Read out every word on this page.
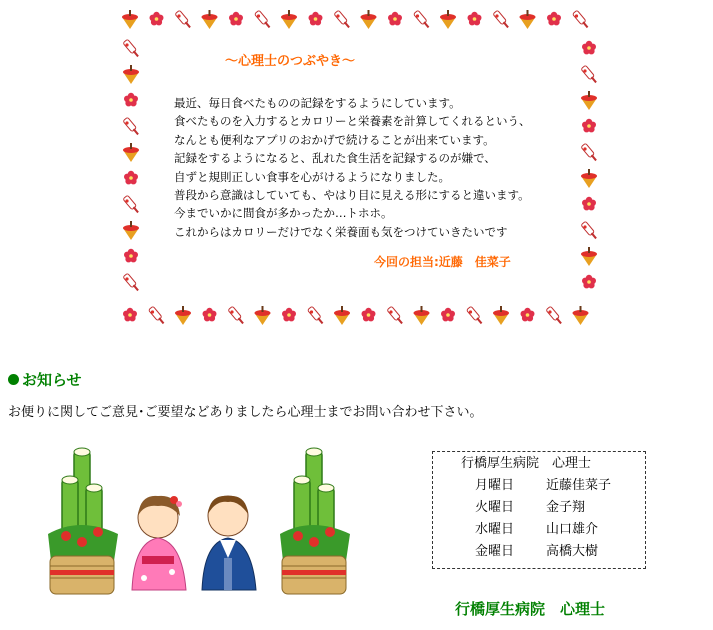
～心理士のつぶやき～
最近、毎日食べたものの記録をするようにしています。
食べたものを入力するとカロリーと栄養素を計算してくれるという、
なんとも便利なアプリのおかげで続けることが出来ています。
記録をするようになると、乱れた食生活を記録するのが嫌で、
自ずと規則正しい食事を心がけるようになりました。
普段から意識はしていても、やはり目に見える形にすると違います。
今までいかに間食が多かったか…トホホ。
これからはカロリーだけでなく栄養面も気をつけていきたいです
今回の担当:近藤　佳菜子
お知らせ
お便りに関してご意見･ご要望などありましたら心理士までお問い合わせ下さい。
行橋厚生病院　心理士
月曜日 近藤佳菜子
火曜日 金子翔
水曜日 山口雄介
金曜日 高橋大樹
行橋厚生病院　心理士
